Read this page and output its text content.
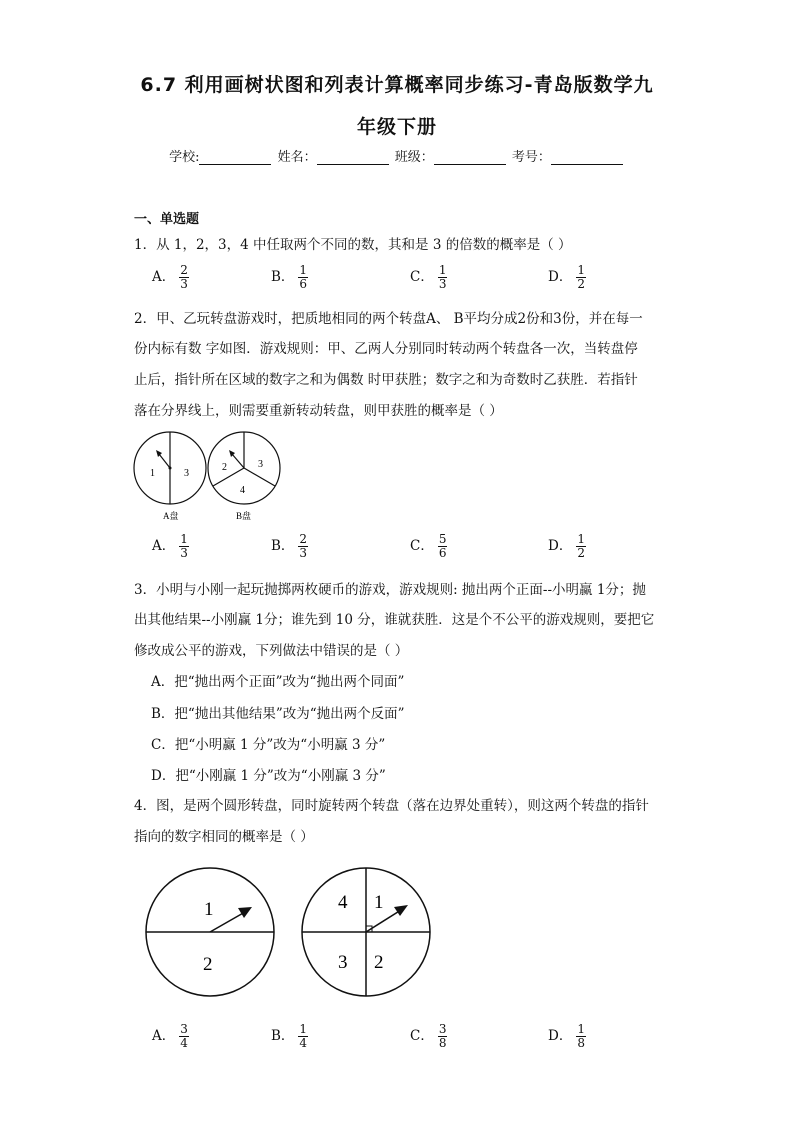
6.7 利用画树状图和列表计算概率同步练习-青岛版数学九
年级下册
学校:	姓名：	班级：	考号：
一、单选题
1．从 1，2，3，4 中任取两个不同的数，其和是 3 的倍数的概率是（ ）
A． $\frac{2}{3}$	B． $\frac{1}{6}$	C． $\frac{1}{3}$	D． $\frac{1}{2}$
2．甲、乙玩转盘游戏时，把质地相同的两个转盘A、 B平均分成2份和3份，并在每一
份内标有数 字如图．游戏规则：甲、乙两人分别同时转动两个转盘各一次，当转盘停
止后，指针所在区域的数字之和为偶数 时甲获胜；数字之和为奇数时乙获胜．若指针
落在分界线上，则需要重新转动转盘，则甲获胜的概率是（ ）
1	3
A盘
2	3
4
B盘
A． $\frac{1}{3}$	B． $\frac{2}{3}$	C． $\frac{5}{6}$	D． $\frac{1}{2}$
3．小明与小刚一起玩抛掷两枚硬币的游戏，游戏规则: 抛出两个正面--小明赢 1分；抛
出其他结果--小刚赢 1分；谁先到 10 分，谁就获胜．这是个不公平的游戏规则，要把它
修改成公平的游戏，下列做法中错误的是（ ）
A．把“抛出两个正面”改为“抛出两个同面”
B．把“抛出其他结果”改为“抛出两个反面”
C．把“小明赢 1 分”改为“小明赢 3 分”
D．把“小刚赢 1 分”改为“小刚赢 3 分”
4．图，是两个圆形转盘，同时旋转两个转盘（落在边界处重转），则这两个转盘的指针
指向的数字相同的概率是（ ）
1
2
4 1
3 2
A． $\frac{3}{4}$	B． $\frac{1}{4}$	C． $\frac{3}{8}$	D． $\frac{1}{8}$
